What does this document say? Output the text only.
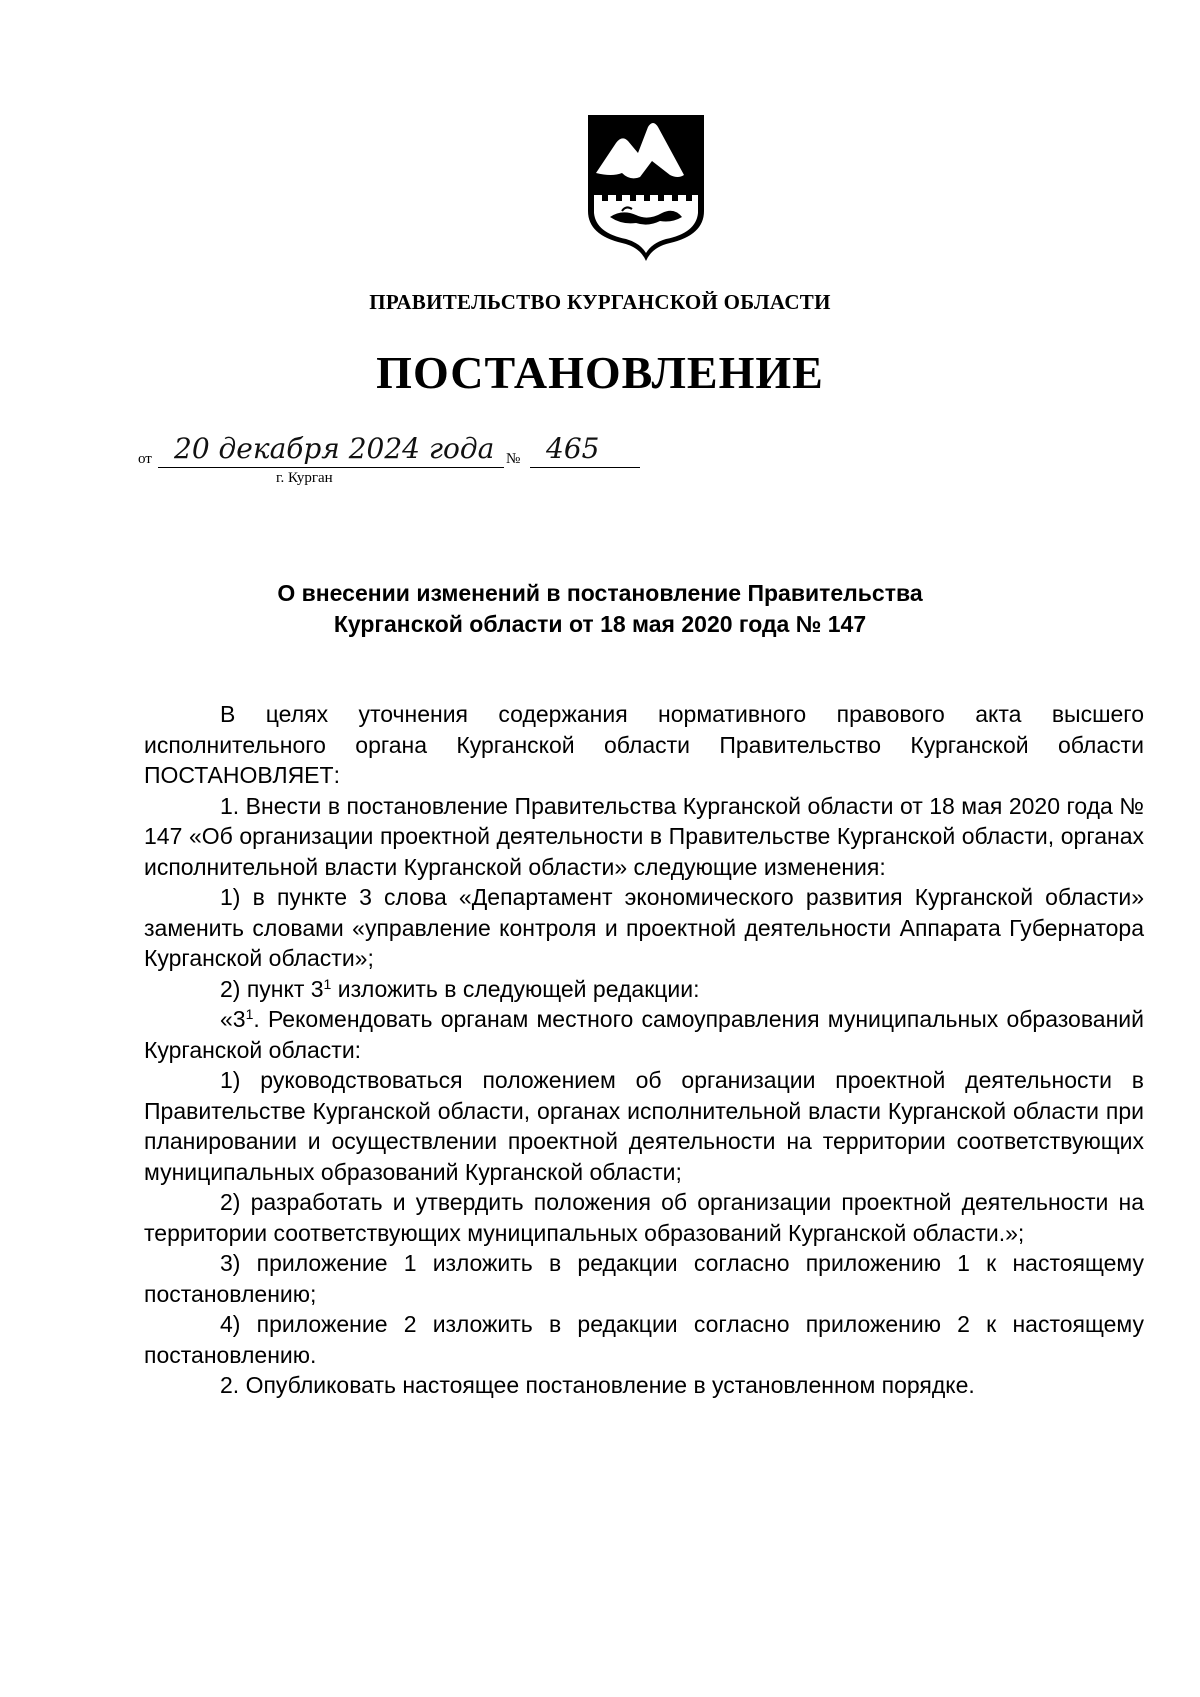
ПРАВИТЕЛЬСТВО КУРГАНСКОЙ ОБЛАСТИ
ПОСТАНОВЛЕНИЕ
от 20 декабря 2024 года № 465
г. Курган
О внесении изменений в постановление Правительства
Курганской области от 18 мая 2020 года № 147

В целях уточнения содержания нормативного правового акта высшего исполнительного органа Курганской области Правительство Курганской области ПОСТАНОВЛЯЕТ:

1. Внести в постановление Правительства Курганской области от 18 мая 2020 года № 147 «Об организации проектной деятельности в Правительстве Курганской области, органах исполнительной власти Курганской области» следующие изменения:

1) в пункте 3 слова «Департамент экономического развития Курганской области» заменить словами «управление контроля и проектной деятельности Аппарата Губернатора Курганской области»;

2) пункт $3^1$ изложить в следующей редакции:

«$3^1$. Рекомендовать органам местного самоуправления муниципальных образований Курганской области:

1) руководствоваться положением об организации проектной деятельности в Правительстве Курганской области, органах исполнительной власти Курганской области при планировании и осуществлении проектной деятельности на территории соответствующих муниципальных образований Курганской области;

2) разработать и утвердить положения об организации проектной деятельности на территории соответствующих муниципальных образований Курганской области.»;

3) приложение 1 изложить в редакции согласно приложению 1 к настоящему постановлению;

4) приложение 2 изложить в редакции согласно приложению 2 к настоящему постановлению.

2. Опубликовать настоящее постановление в установленном порядке.
